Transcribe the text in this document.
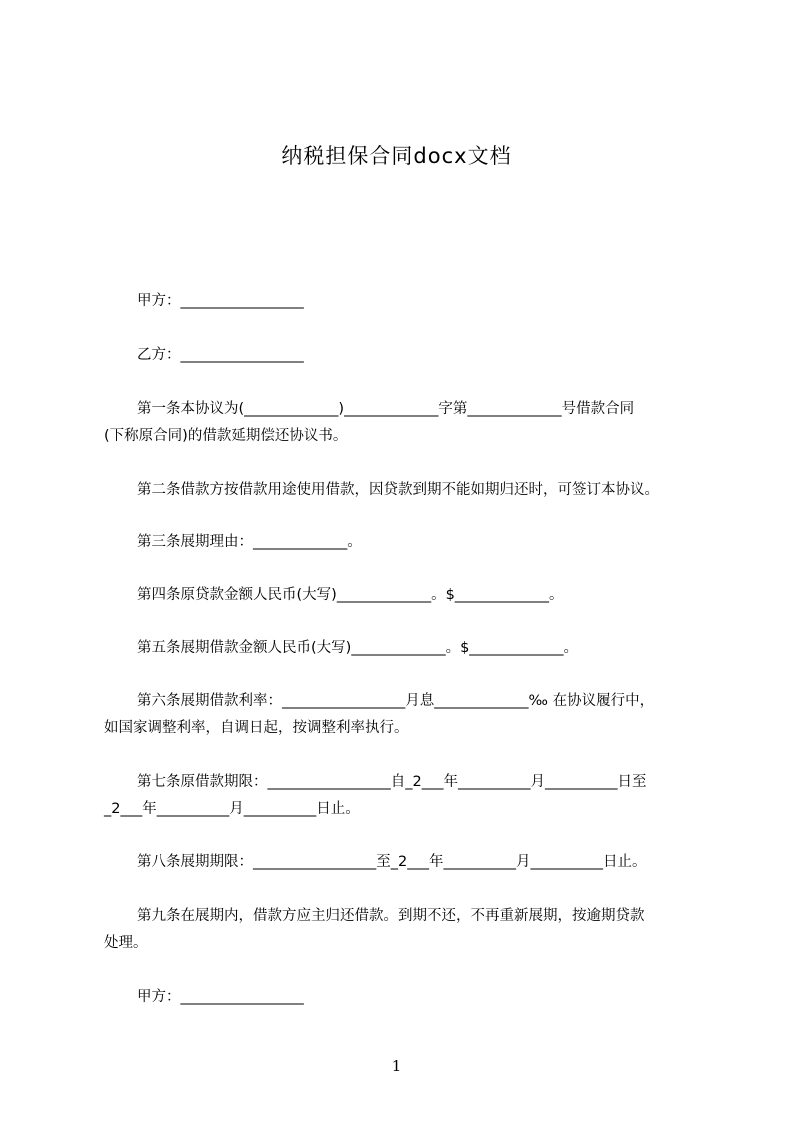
纳税担保合同docx文档
甲方：_________________
乙方：_________________
第一条本协议为(_____________)_____________字第_____________号借款合同
(下称原合同)的借款延期偿还协议书。
第二条借款方按借款用途使用借款，因贷款到期不能如期归还时，可签订本协议。
第三条展期理由：_____________。
第四条原贷款金额人民币(大写)_____________。$_____________。
第五条展期借款金额人民币(大写)_____________。$_____________。
第六条展期借款利率：_________________月息_____________‰ 在协议履行中，
如国家调整利率，自调日起，按调整利率执行。
第七条原借款期限：_________________自_2___年__________月__________日至
_2___年__________月__________日止。
第八条展期期限：_________________至_2___年__________月__________日止。
第九条在展期内，借款方应主归还借款。到期不还，不再重新展期，按逾期贷款
处理。
甲方：_________________
1
